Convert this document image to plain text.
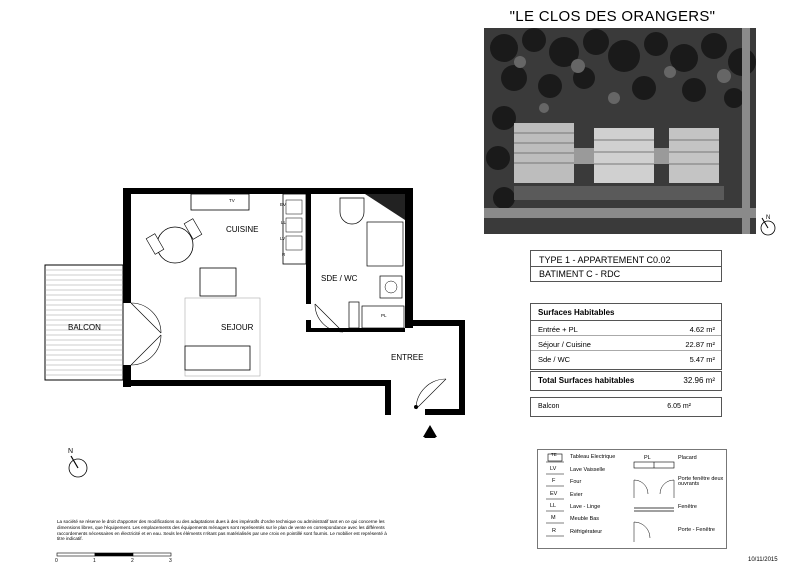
"LE CLOS DES ORANGERS"
N
TYPE 1 - APPARTEMENT C0.02
BATIMENT C - RDC
Surfaces Habitables
Entrée + PL	4.62 m²
Séjour / Cuisine	22.87 m²
Sde / WC	5.47 m²
Total Surfaces habitables	32.96 m²
Balcon	6.05 m²
BALCON
CUISINE
SEJOUR
SDE / WC
ENTREE
TV
PL
EV
LL
LV
R
N	TE Tableau Electrique
LV Lave Vaisselle
F	Four
EV Evier
LL	Lave - Linge
M	Meuble Bas
R	Réfrigérateur
PL	Placard
Porte fenêtre deux ouvrants
Fenêtre
Porte - Fenêtre
La société se réserve le droit d'apporter des modifications ou des adaptations dues à des impératifs d'ordre technique ou administratif tant en ce qui concerne les dimensions libres, que l'équipement. Les emplacements des équipements ménagers sont représentés sur le plan de vente en correspondance avec les différents raccordements nécessaires en électricité et en eau. Seuls les éléments n'étant pas matérialisés par une croix en pointillé sont fournis. Le mobilier est représenté à titre indicatif.
0	1	2	3	10/11/2015
